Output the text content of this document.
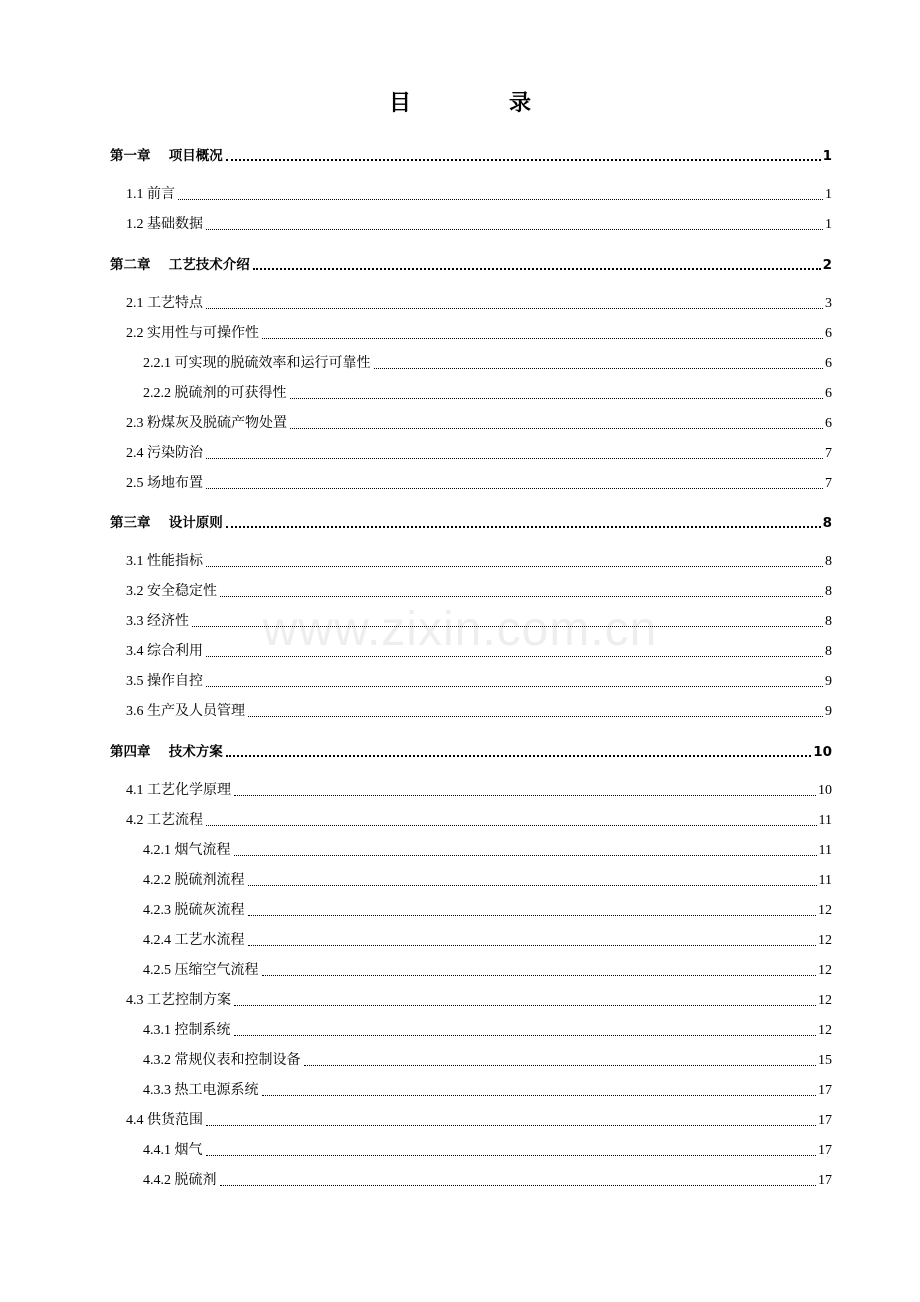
目　录
www.zixin.com.cn
第一章　 项目概况	1
1.1 前言	1
1.2 基础数据	1
第二章　 工艺技术介绍	2
2.1 工艺特点	3
2.2 实用性与可操作性	6
2.2.1 可实现的脱硫效率和运行可靠性	6
2.2.2 脱硫剂的可获得性	6
2.3 粉煤灰及脱硫产物处置	6
2.4 污染防治	7
2.5 场地布置	7
第三章　 设计原则	8
3.1 性能指标	8
3.2 安全稳定性	8
3.3 经济性	8
3.4 综合利用	8
3.5 操作自控	9
3.6 生产及人员管理	9
第四章　 技术方案	10
4.1 工艺化学原理	10
4.2 工艺流程	11
4.2.1 烟气流程	11
4.2.2 脱硫剂流程	11
4.2.3 脱硫灰流程	12
4.2.4 工艺水流程	12
4.2.5 压缩空气流程	12
4.3 工艺控制方案	12
4.3.1 控制系统	12
4.3.2 常规仪表和控制设备	15
4.3.3 热工电源系统	17
4.4 供货范围	17
4.4.1 烟气	17
4.4.2 脱硫剂	17
